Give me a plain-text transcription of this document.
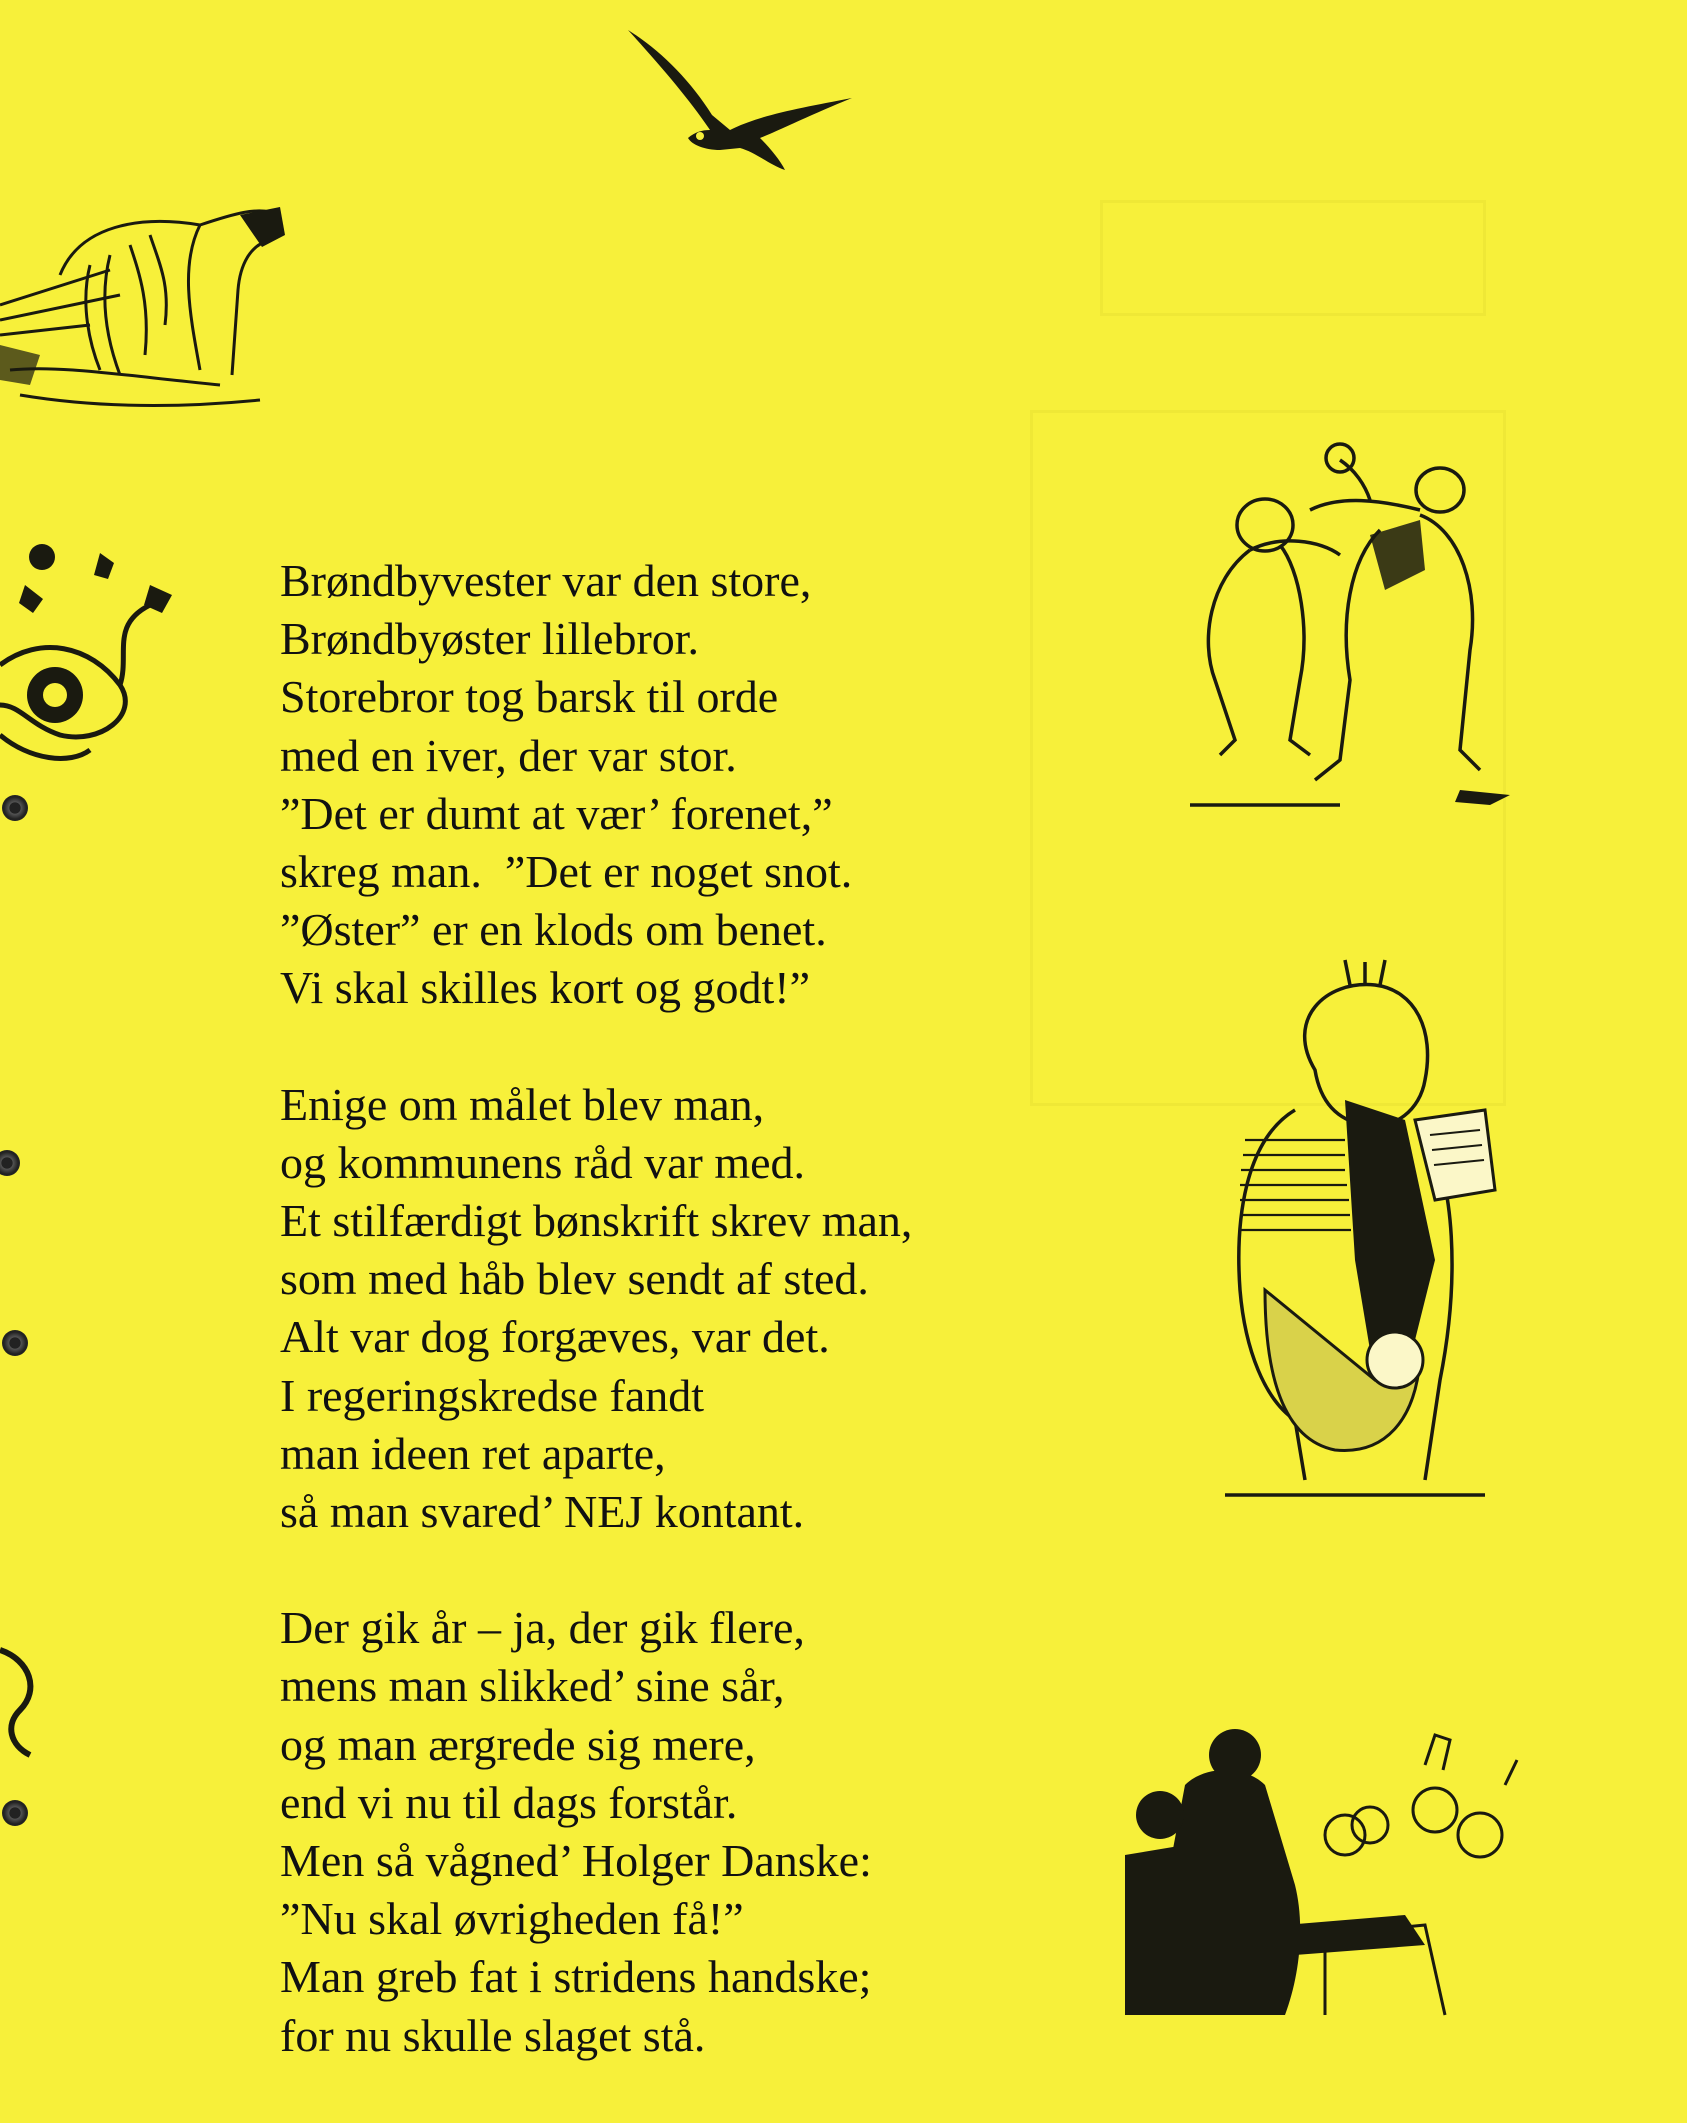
Brøndbyvester var den store,
Brøndbyøster lillebror.
Storebror tog barsk til orde
med en iver, der var stor.
”Det er dumt at vær’ forenet,”
skreg man.  ”Det er noget snot.
”Øster” er en klods om benet.
Vi skal skilles kort og godt!”
Enige om målet blev man,
og kommunens råd var med.
Et stilfærdigt bønskrift skrev man,
som med håb blev sendt af sted.
Alt var dog forgæves, var det.
I regeringskredse fandt
man ideen ret aparte,
så man svared’ NEJ kontant.
Der gik år – ja, der gik flere,
mens man slikked’ sine sår,
og man ærgrede sig mere,
end vi nu til dags forstår.
Men så vågned’ Holger Danske:
”Nu skal øvrigheden få!”
Man greb fat i stridens handske;
for nu skulle slaget stå.
